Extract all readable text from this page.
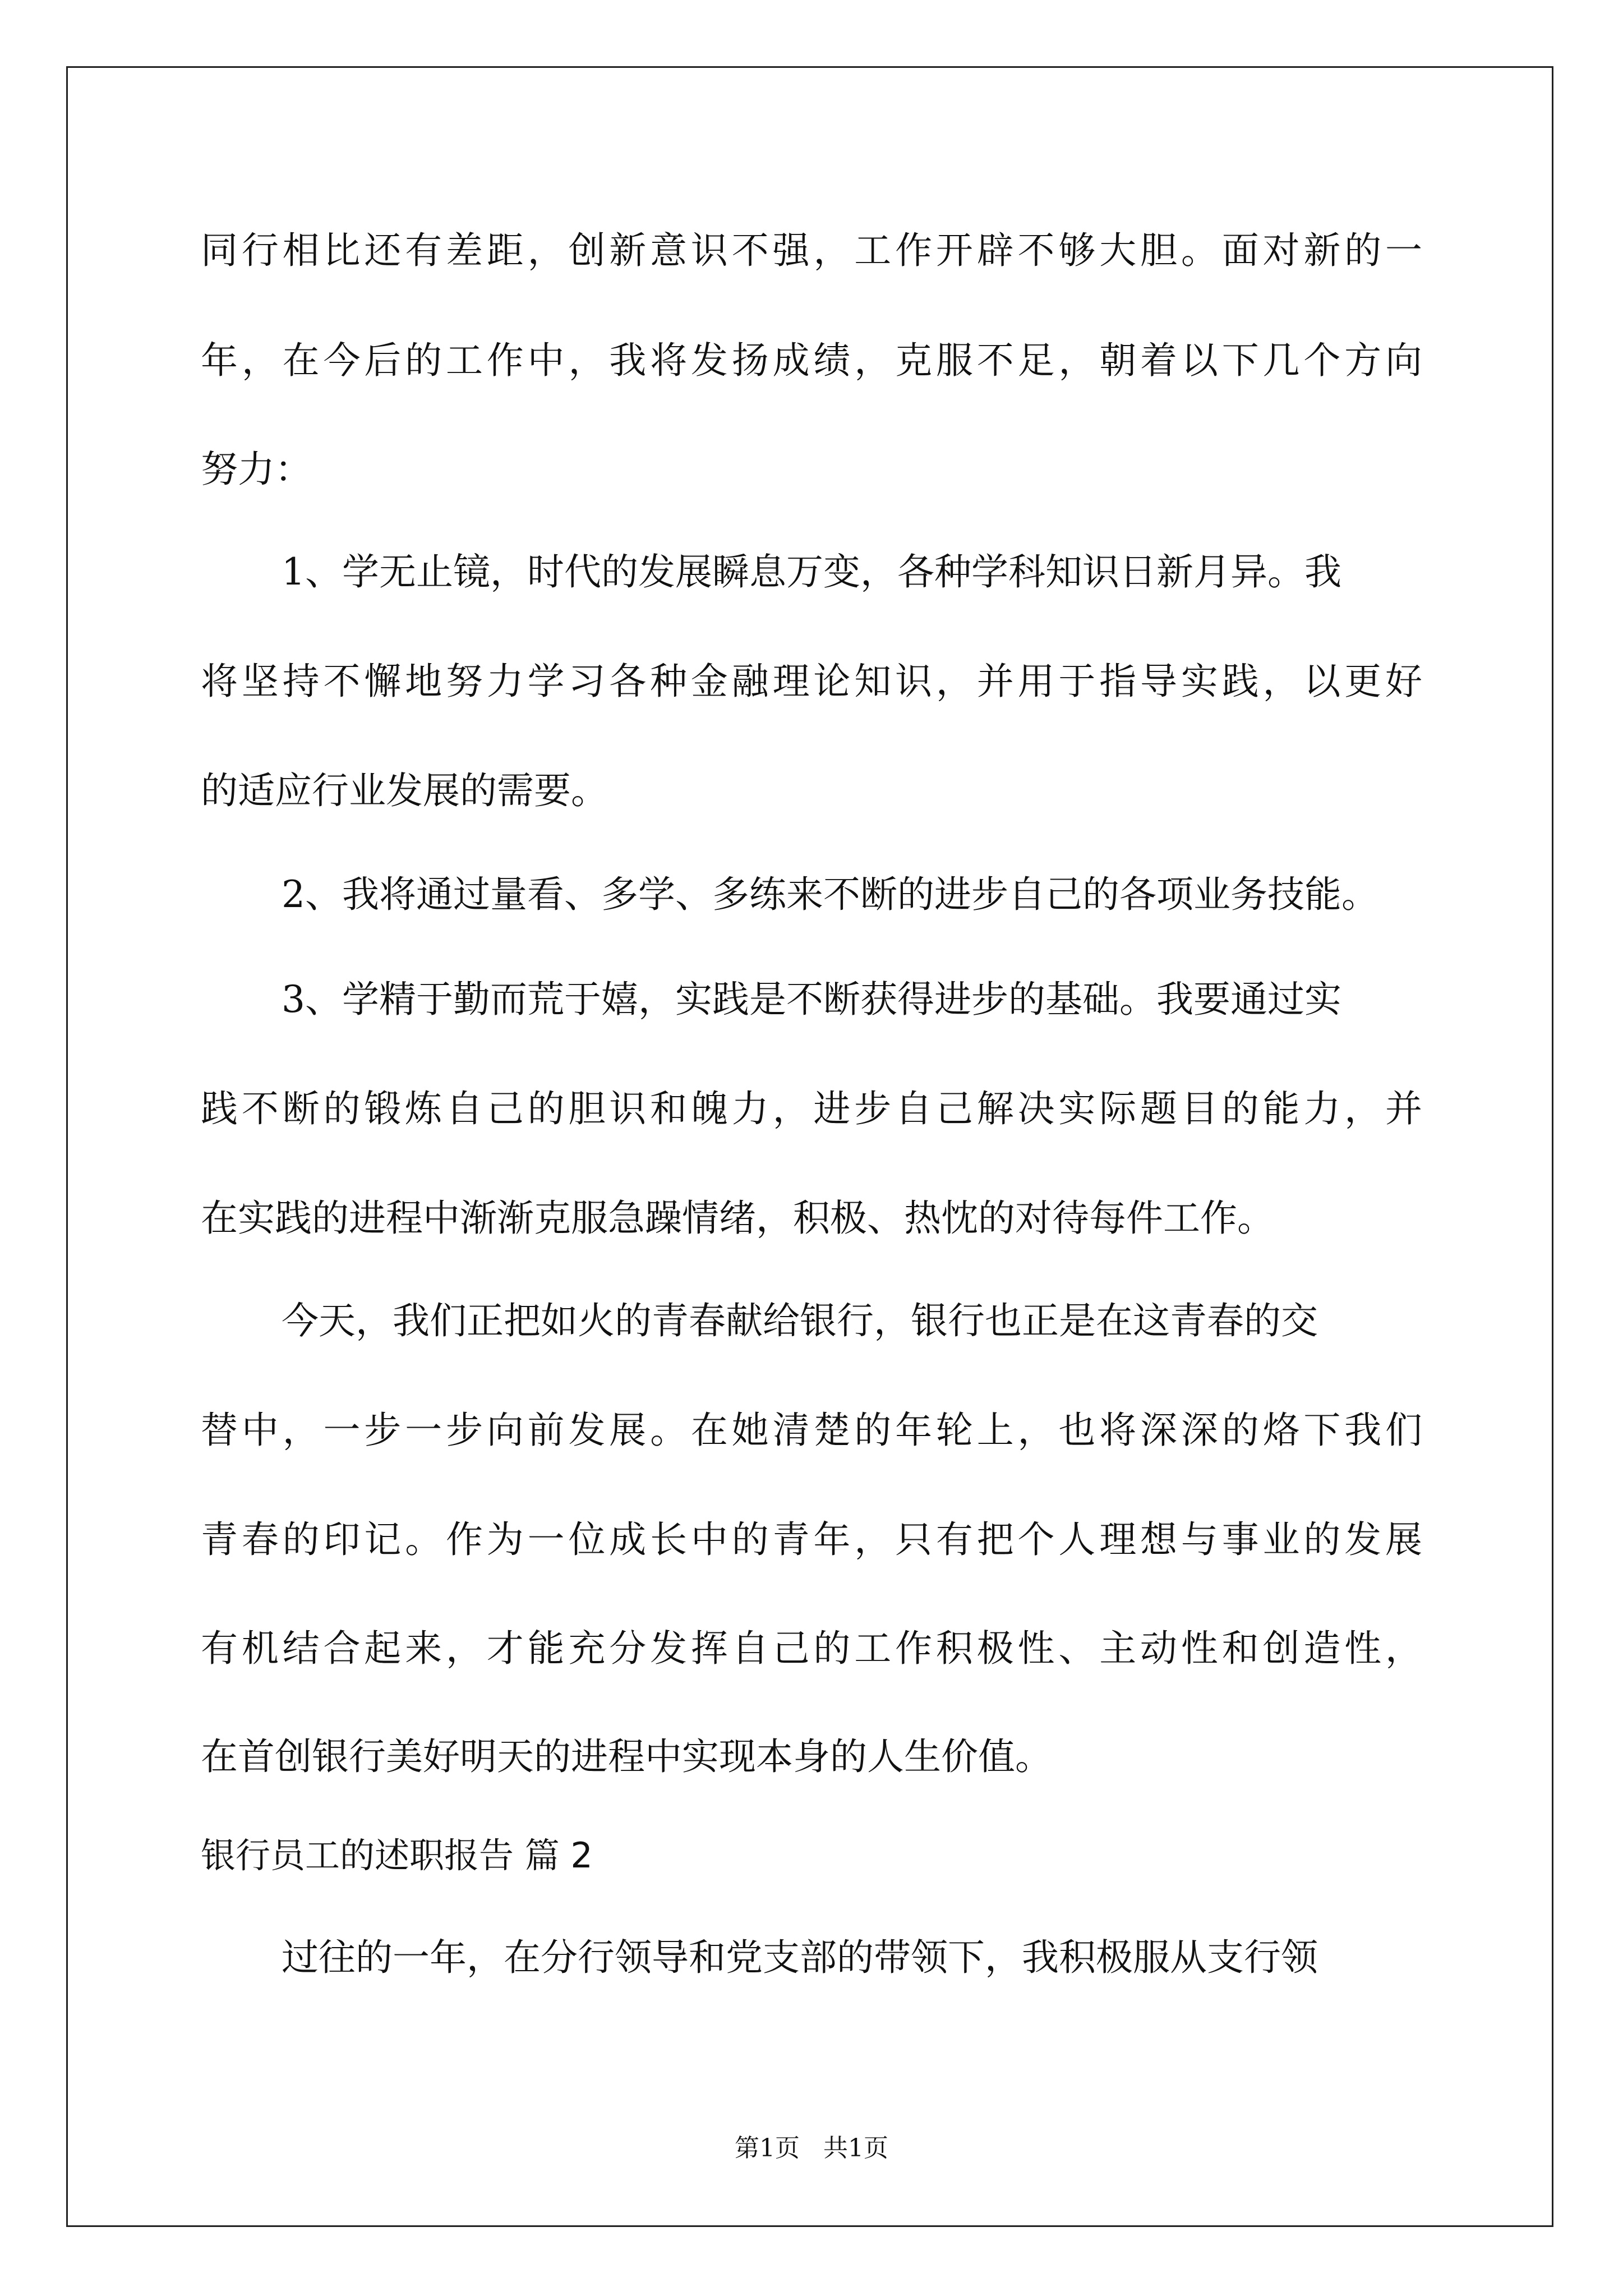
同行相比还有差距，创新意识不强，工作开辟不够大胆。面对新的一
年，在今后的工作中，我将发扬成绩，克服不足，朝着以下几个方向
努力：
1、学无止镜，时代的发展瞬息万变，各种学科知识日新月异。我
将坚持不懈地努力学习各种金融理论知识，并用于指导实践，以更好
的适应行业发展的需要。
2、我将通过量看、多学、多练来不断的进步自己的各项业务技能。
3、学精于勤而荒于嬉，实践是不断获得进步的基础。我要通过实
践不断的锻炼自己的胆识和魄力，进步自己解决实际题目的能力，并
在实践的进程中渐渐克服急躁情绪，积极、热忱的对待每件工作。
今天，我们正把如火的青春献给银行，银行也正是在这青春的交
替中，一步一步向前发展。在她清楚的年轮上，也将深深的烙下我们
青春的印记。作为一位成长中的青年，只有把个人理想与事业的发展
有机结合起来，才能充分发挥自己的工作积极性、主动性和创造性，
在首创银行美好明天的进程中实现本身的人生价值。
银行员工的述职报告 篇 2
过往的一年，在分行领导和党支部的带领下，我积极服从支行领
第1页   共1页
